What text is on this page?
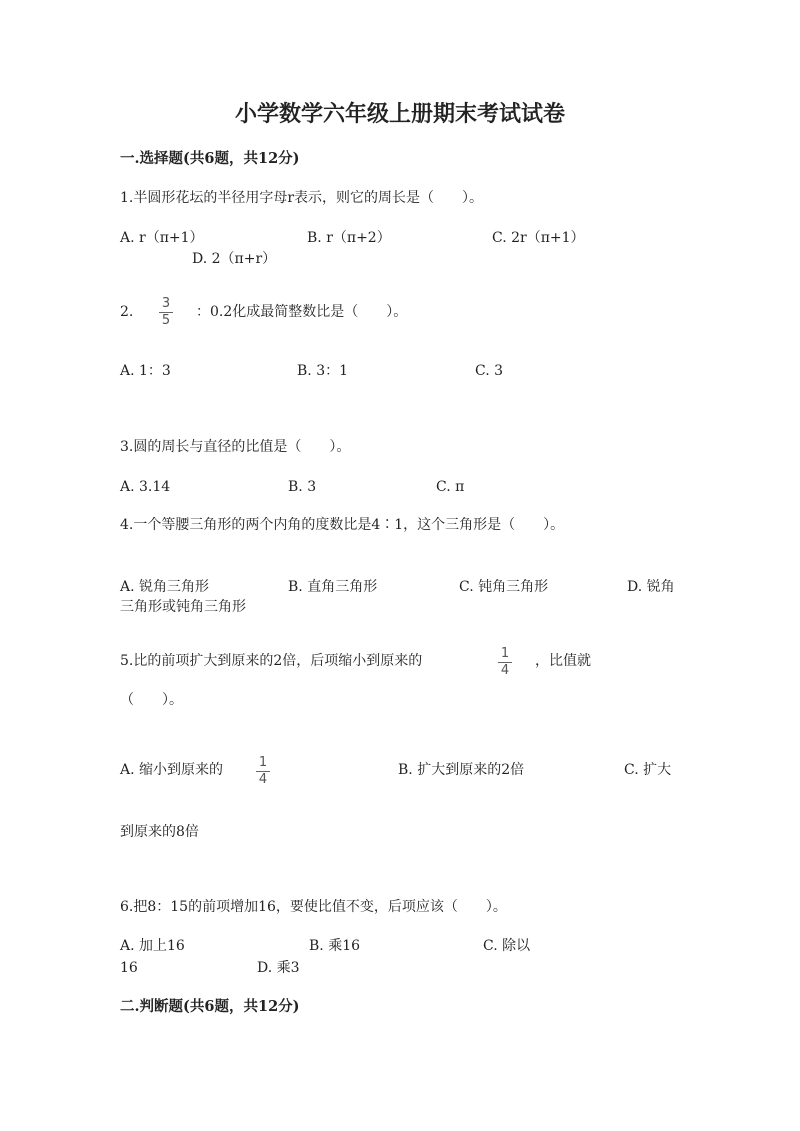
小学数学六年级上册期末考试试卷
一.选择题(共6题，共12分)
1.半圆形花坛的半径用字母r表示，则它的周长是（　　）。
A. r（π+1）	B. r（π+2）	C. 2r（π+1）
D. 2（π+r）
2.
3
5
：0.2化成最简整数比是（　　）。
A. 1：3	B. 3：1	C. 3
3.圆的周长与直径的比值是（　　）。
A. 3.14	B. 3	C. π
4.一个等腰三角形的两个内角的度数比是4∶1，这个三角形是（　　）。
A. 锐角三角形	B. 直角三角形	C. 钝角三角形	D. 锐角
三角形或钝角三角形
5.比的前项扩大到原来的2倍，后项缩小到原来的	1
4
，比值就
（　　）。
A. 缩小到原来的	1
4
B. 扩大到原来的2倍	C. 扩大
到原来的8倍
6.把8：15的前项增加16，要使比值不变，后项应该（　　）。
A. 加上16	B. 乘16	C. 除以
16	D. 乘3
二.判断题(共6题，共12分)
